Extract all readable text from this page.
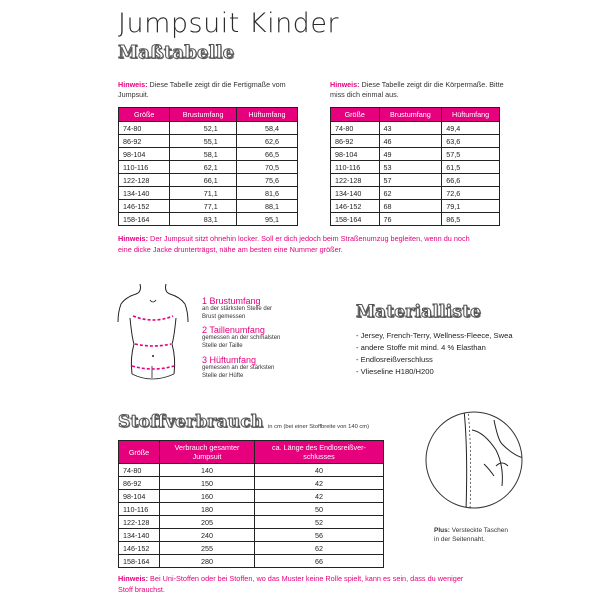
Jumpsuit Kinder
Maßtabelle
Hinweis: Diese Tabelle zeigt dir die Fertigmaße vom Jumpsuit.
Hinweis: Diese Tabelle zeigt dir die Körpermaße. Bitte miss dich einmal aus.
Größe	Brustumfang	Hüftumfang
74-80	52,1	58,4
86-92	55,1	62,6
98-104	58,1	66,5
110-116	62,1	70,5
122-128	66,1	75,6
134-140	71,1	81,6
146-152	77,1	88,1
158-164	83,1	95,1
Größe	Brustumfang	Hüftumfang
74-80	43	49,4
86-92	46	63,6
98-104	49	57,5
110-116	53	61,5
122-128	57	66,6
134-140	62	72,6
146-152	68	79,1
158-164	76	86,5
Hinweis: Der Jumpsuit sitzt ohnehin locker. Soll er dich jedoch beim Straßenumzug begleiten, wenn du noch eine dicke Jacke drunterträgst, nähe am besten eine Nummer größer.
1 Brustumfang
an der stärksten Stelle der Brust gemessen
2 Taillenumfang
gemessen an der schmalsten Stelle der Taille
3 Hüftumfang
gemessen an der stärksten Stelle der Hüfte
Materialliste
- Jersey, French-Terry, Wellness-Fleece, Swea
- andere Stoffe mit mind. 4 % Elasthan
- Endlosreißverschluss
- Vlieseline H180/H200
Stoffverbrauch in cm (bei einer Stoffbreite von 140 cm)
Größe	Verbrauch gesamter Jumpsuit	ca. Länge des Endlosreißver-schlusses
74-80	140	40
86-92	150	42
98-104	160	42
110-116	180	50
122-128	205	52
134-140	240	56
146-152	255	62
158-164	280	66
Hinweis: Bei Uni-Stoffen oder bei Stoffen, wo das Muster keine Rolle spielt, kann es sein, dass du weniger Stoff brauchst.
Plus: Versteckte Taschen in der Seitennaht.
